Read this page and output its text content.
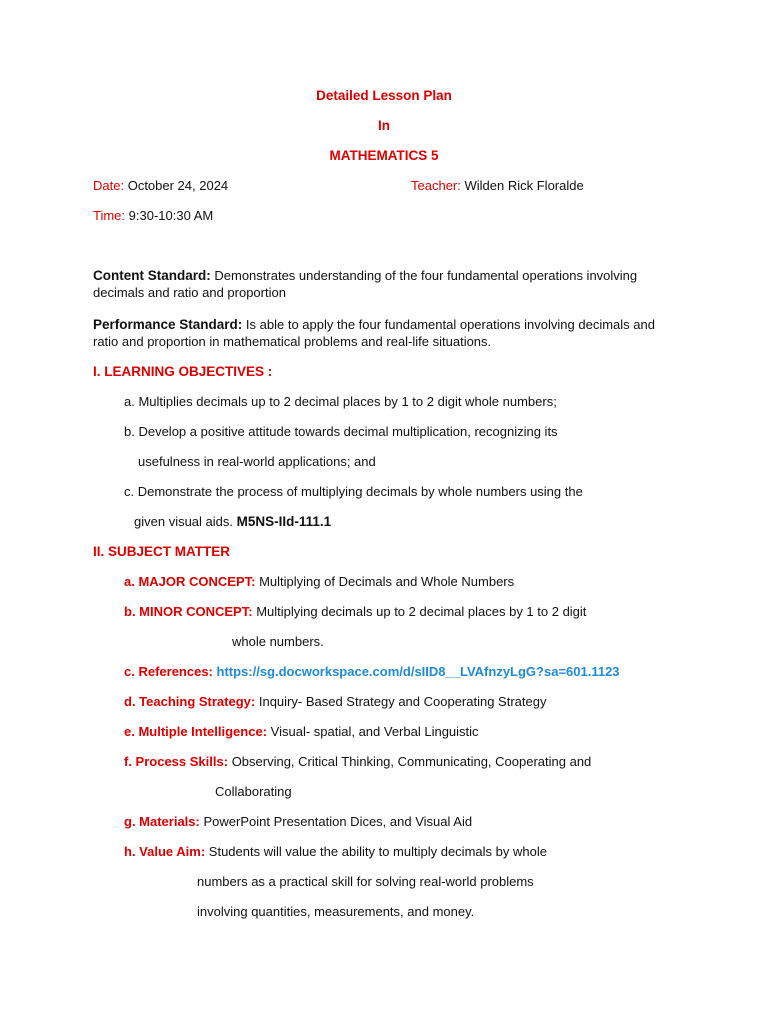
Detailed Lesson Plan
In
MATHEMATICS 5
Date: October 24, 2024	Teacher: Wilden Rick Floralde
Time: 9:30-10:30 AM
Content Standard: Demonstrates understanding of the four fundamental operations involving decimals and ratio and proportion
Performance Standard: Is able to apply the four fundamental operations involving decimals and ratio and proportion in mathematical problems and real-life situations.
I. LEARNING OBJECTIVES :
a. Multiplies decimals up to 2 decimal places by 1 to 2 digit whole numbers;
b. Develop a positive attitude towards decimal multiplication, recognizing its
usefulness in real-world applications; and
c. Demonstrate the process of multiplying decimals by whole numbers using the
given visual aids. M5NS-IId-111.1
II. SUBJECT MATTER
a. MAJOR CONCEPT: Multiplying of Decimals and Whole Numbers
b. MINOR CONCEPT: Multiplying decimals up to 2 decimal places by 1 to 2 digit
whole numbers.
c. References: https://sg.docworkspace.com/d/sIID8__LVAfnzyLgG?sa=601.1123
d. Teaching Strategy: Inquiry- Based Strategy and Cooperating Strategy
e. Multiple Intelligence: Visual- spatial, and Verbal Linguistic
f. Process Skills: Observing, Critical Thinking, Communicating, Cooperating and
Collaborating
g. Materials: PowerPoint Presentation Dices, and Visual Aid
h. Value Aim: Students will value the ability to multiply decimals by whole
numbers as a practical skill for solving real-world problems
involving quantities, measurements, and money.
